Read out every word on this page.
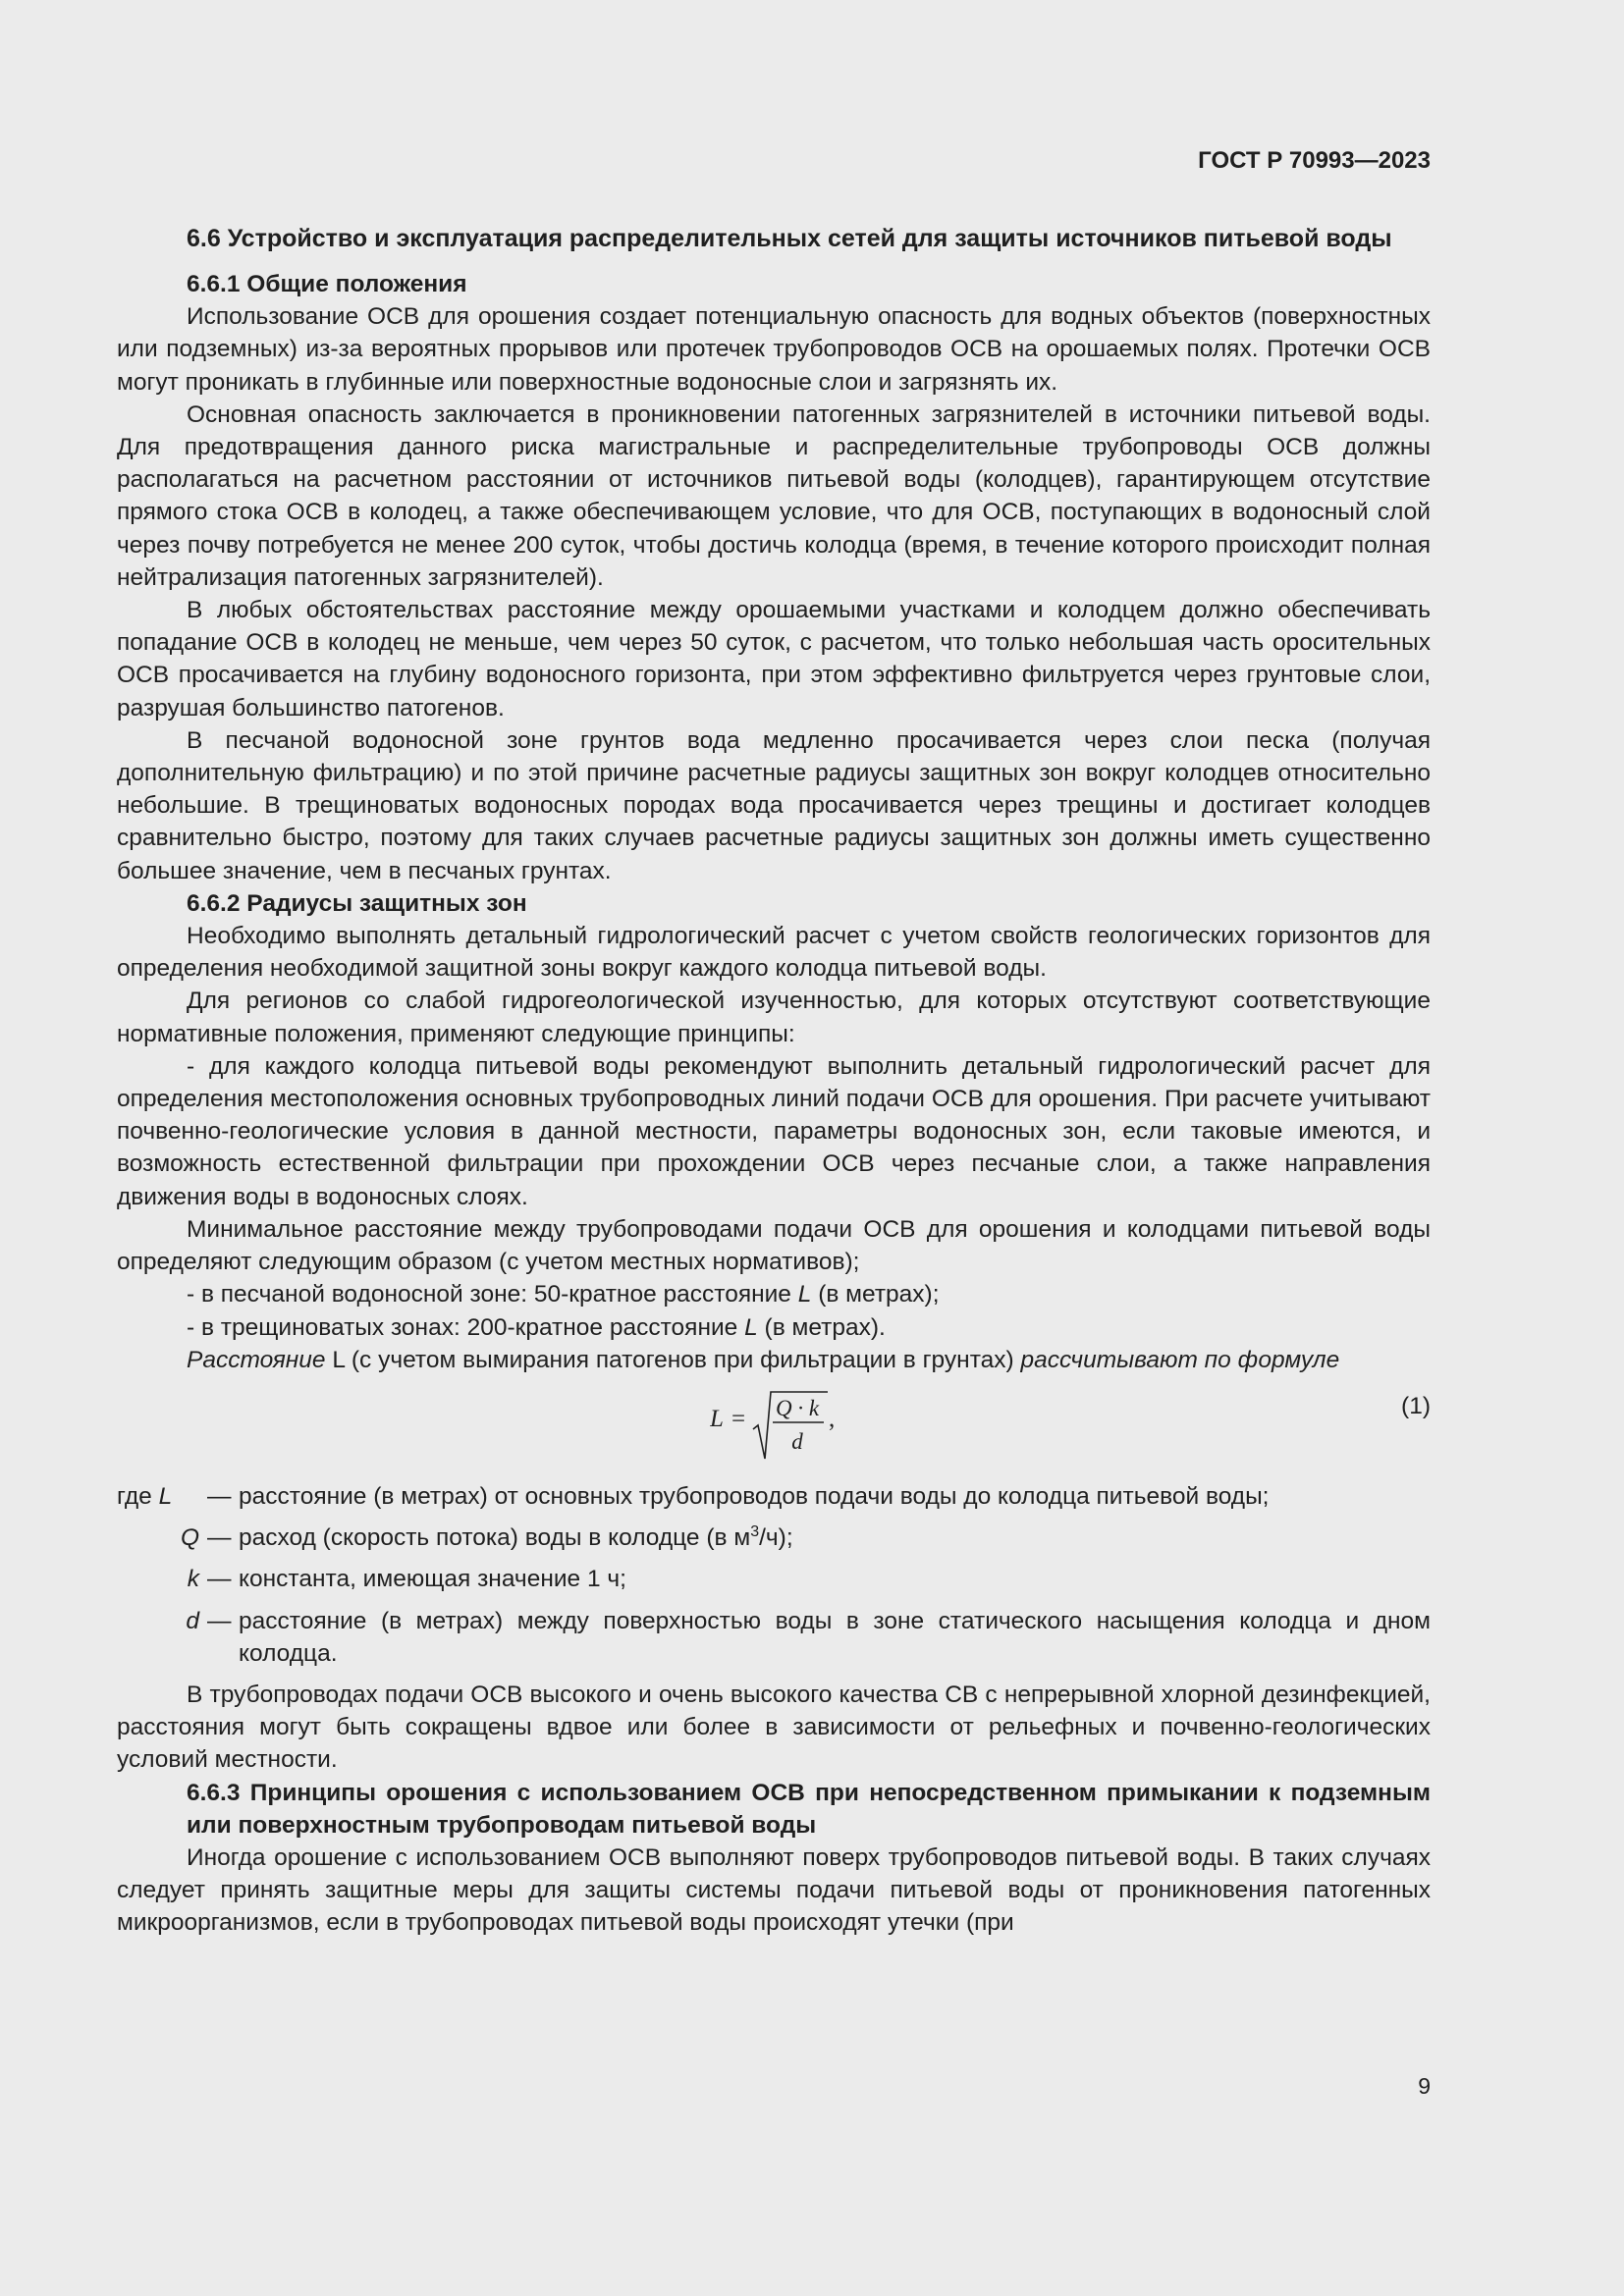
ГОСТ Р 70993—2023

6.6 Устройство и эксплуатация распределительных сетей для защиты источников питьевой воды

6.6.1 Общие положения

Использование ОСВ для орошения создает потенциальную опасность для водных объектов (поверхностных или подземных) из-за вероятных прорывов или протечек трубопроводов ОСВ на орошаемых полях. Протечки ОСВ могут проникать в глубинные или поверхностные водоносные слои и загрязнять их.

Основная опасность заключается в проникновении патогенных загрязнителей в источники питьевой воды. Для предотвращения данного риска магистральные и распределительные трубопроводы ОСВ должны располагаться на расчетном расстоянии от источников питьевой воды (колодцев), гарантирующем отсутствие прямого стока ОСВ в колодец, а также обеспечивающем условие, что для ОСВ, поступающих в водоносный слой через почву потребуется не менее 200 суток, чтобы достичь колодца (время, в течение которого происходит полная нейтрализация патогенных загрязнителей).

В любых обстоятельствах расстояние между орошаемыми участками и колодцем должно обеспечивать попадание ОСВ в колодец не меньше, чем через 50 суток, с расчетом, что только небольшая часть оросительных ОСВ просачивается на глубину водоносного горизонта, при этом эффективно фильтруется через грунтовые слои, разрушая большинство патогенов.

В песчаной водоносной зоне грунтов вода медленно просачивается через слои песка (получая дополнительную фильтрацию) и по этой причине расчетные радиусы защитных зон вокруг колодцев относительно небольшие. В трещиноватых водоносных породах вода просачивается через трещины и достигает колодцев сравнительно быстро, поэтому для таких случаев расчетные радиусы защитных зон должны иметь существенно большее значение, чем в песчаных грунтах.

6.6.2 Радиусы защитных зон

Необходимо выполнять детальный гидрологический расчет с учетом свойств геологических горизонтов для определения необходимой защитной зоны вокруг каждого колодца питьевой воды.

Для регионов со слабой гидрогеологической изученностью, для которых отсутствуют соответствующие нормативные положения, применяют следующие принципы:

- для каждого колодца питьевой воды рекомендуют выполнить детальный гидрологический расчет для определения местоположения основных трубопроводных линий подачи ОСВ для орошения. При расчете учитывают почвенно-геологические условия в данной местности, параметры водоносных зон, если таковые имеются, и возможность естественной фильтрации при прохождении ОСВ через песчаные слои, а также направления движения воды в водоносных слоях.

Минимальное расстояние между трубопроводами подачи ОСВ для орошения и колодцами питьевой воды определяют следующим образом (с учетом местных нормативов);

- в песчаной водоносной зоне: 50-кратное расстояние L (в метрах);

- в трещиноватых зонах: 200-кратное расстояние L (в метрах).

Расстояние L (с учетом вымирания патогенов при фильтрации в грунтах) рассчитывают по формуле

L = Q · k
d
,	(1)
где L	— расстояние (в метрах) от основных трубопроводов подачи воды до колодца питьевой воды;
Q — расход (скорость потока) воды в колодце (в $м^3/ч$);
k — константа, имеющая значение 1 ч;
d — расстояние (в метрах) между поверхностью воды в зоне статического насыщения колодца и дном колодца.

В трубопроводах подачи ОСВ высокого и очень высокого качества СВ с непрерывной хлорной дезинфекцией, расстояния могут быть сокращены вдвое или более в зависимости от рельефных и почвенно-геологических условий местности.

6.6.3 Принципы орошения с использованием ОСВ при непосредственном примыкании к подземным или поверхностным трубопроводам питьевой воды

Иногда орошение с использованием ОСВ выполняют поверх трубопроводов питьевой воды. В таких случаях следует принять защитные меры для защиты системы подачи питьевой воды от проникновения патогенных микроорганизмов, если в трубопроводах питьевой воды происходят утечки (при

9
